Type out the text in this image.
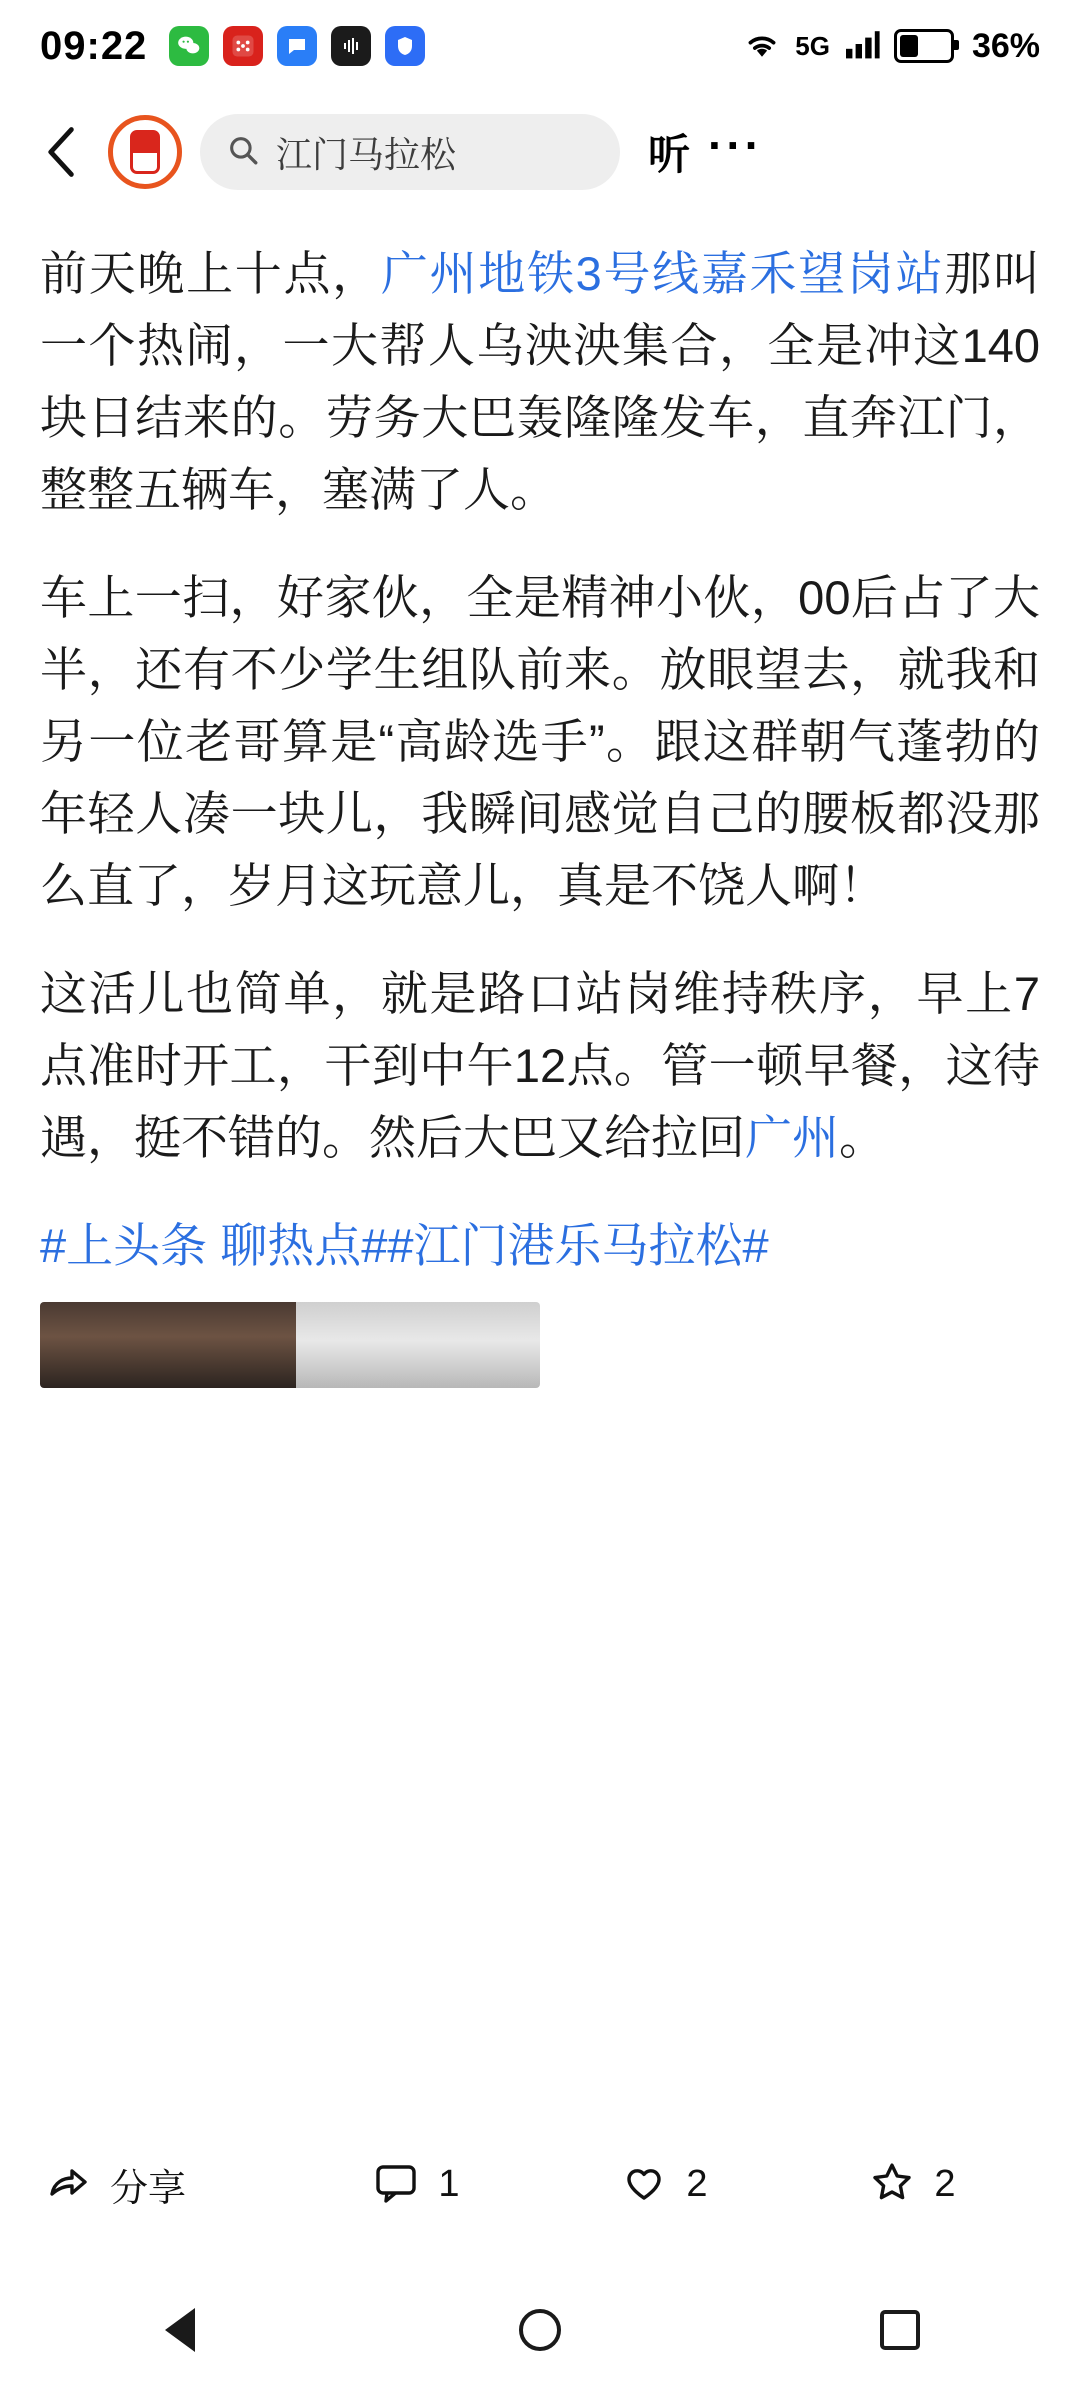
09:22	5G	36%
江门马拉松	听 ···

前天晚上十点，广州地铁3号线嘉禾望岗站那叫一个热闹，一大帮人乌泱泱集合，全是冲这140块日结来的。劳务大巴轰隆隆发车，直奔江门，整整五辆车，塞满了人。

车上一扫，好家伙，全是精神小伙，00后占了大半，还有不少学生组队前来。放眼望去，就我和另一位老哥算是“高龄选手”。跟这群朝气蓬勃的年轻人凑一块儿，我瞬间感觉自己的腰板都没那么直了，岁月这玩意儿，真是不饶人啊！

这活儿也简单，就是路口站岗维持秩序，早上7点准时开工，干到中午12点。管一顿早餐，这待遇，挺不错的。然后大巴又给拉回广州。

#上头条 聊热点##江门港乐马拉松#

分享	1	2	2
